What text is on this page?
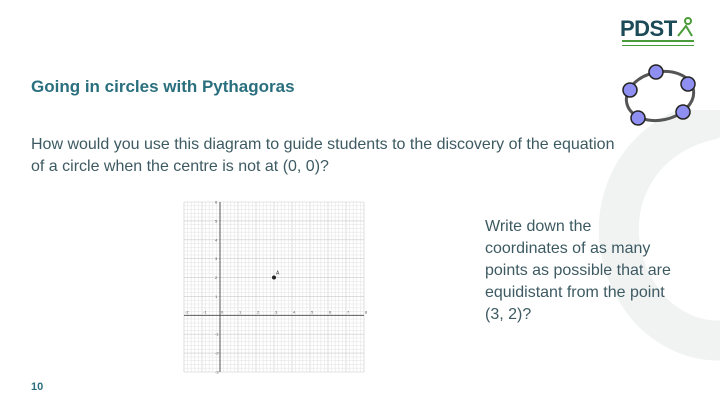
PDST
Going in circles with Pythagoras
How would you use this diagram to guide students to the discovery of the equation of a circle when the centre is not at (0, 0)?
-2	-1	0	1	2	3	4	5	6	7	8
6
5
4
3
2
1
-1
-2
-3
A
Write down the coordinates of as many points as possible that are equidistant from the point (3, 2)?
10
